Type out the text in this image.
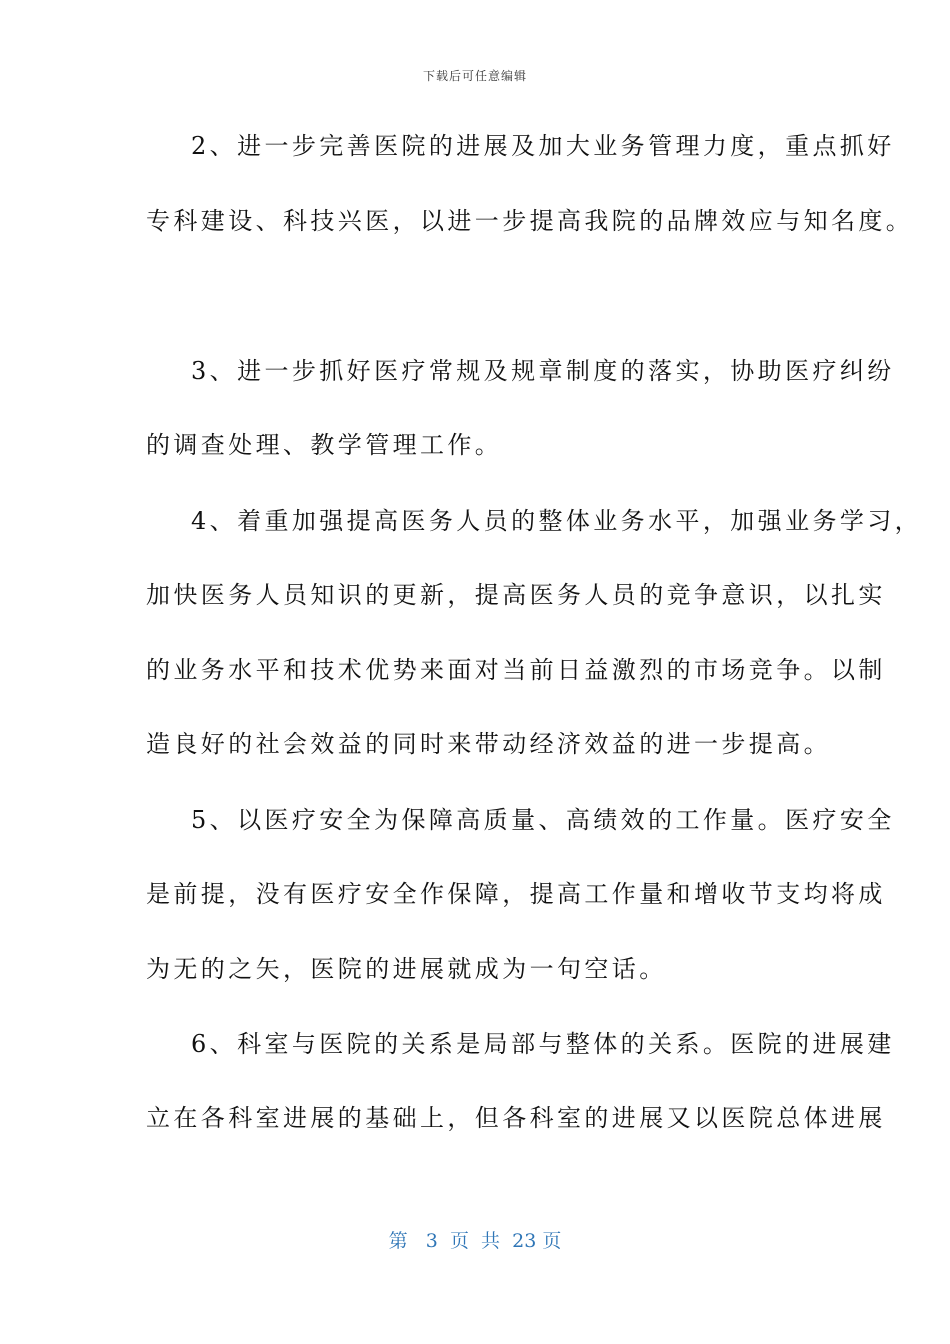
下载后可任意编辑
2、进一步完善医院的进展及加大业务管理力度，重点抓好
专科建设、科技兴医，以进一步提高我院的品牌效应与知名度。
3、进一步抓好医疗常规及规章制度的落实，协助医疗纠纷
的调查处理、教学管理工作。
4、着重加强提高医务人员的整体业务水平，加强业务学习，
加快医务人员知识的更新，提高医务人员的竞争意识，以扎实
的业务水平和技术优势来面对当前日益激烈的市场竞争。以制
造良好的社会效益的同时来带动经济效益的进一步提高。
5、以医疗安全为保障高质量、高绩效的工作量。医疗安全
是前提，没有医疗安全作保障，提高工作量和增收节支均将成
为无的之矢，医院的进展就成为一句空话。
6、科室与医院的关系是局部与整体的关系。医院的进展建
立在各科室进展的基础上，但各科室的进展又以医院总体进展
第   3  页  共  23 页
